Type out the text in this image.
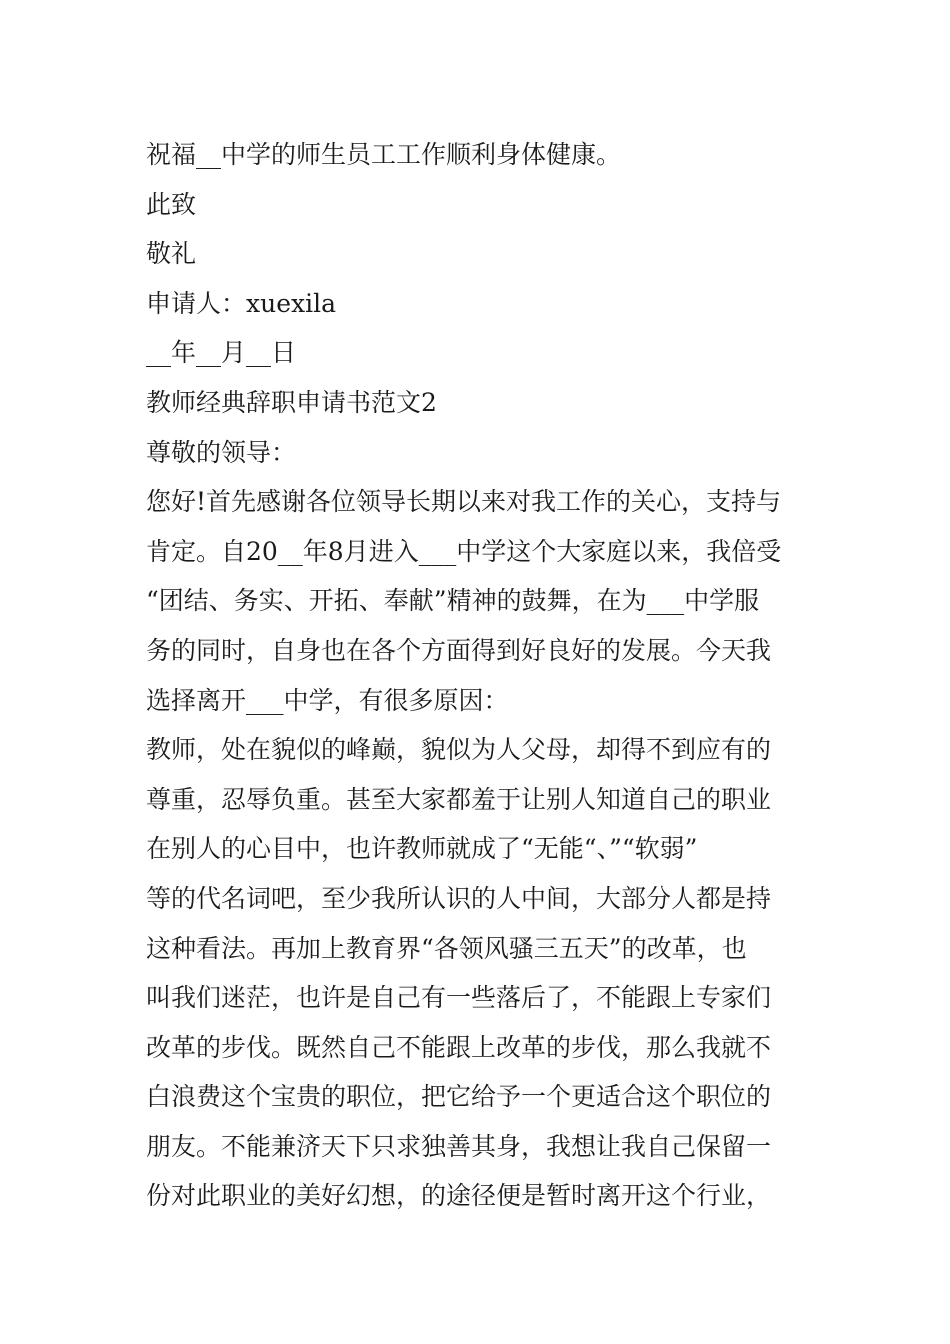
祝福__中学的师生员工工作顺利身体健康。
此致
敬礼
申请人：xuexila
__年__月__日
教师经典辞职申请书范文2
尊敬的领导：
您好!首先感谢各位领导长期以来对我工作的关心，支持与
肯定。自20__年8月进入___中学这个大家庭以来，我倍受
“团结、务实、开拓、奉献”精神的鼓舞，在为___中学服
务的同时，自身也在各个方面得到好良好的发展。今天我
选择离开___中学，有很多原因：
教师，处在貌似的峰巅，貌似为人父母，却得不到应有的
尊重，忍辱负重。甚至大家都羞于让别人知道自己的职业
在别人的心目中，也许教师就成了“无能“、”“软弱”
等的代名词吧，至少我所认识的人中间，大部分人都是持
这种看法。再加上教育界“各领风骚三五天”的改革，也
叫我们迷茫，也许是自己有一些落后了，不能跟上专家们
改革的步伐。既然自己不能跟上改革的步伐，那么我就不
白浪费这个宝贵的职位，把它给予一个更适合这个职位的
朋友。不能兼济天下只求独善其身，我想让我自己保留一
份对此职业的美好幻想，的途径便是暂时离开这个行业，
